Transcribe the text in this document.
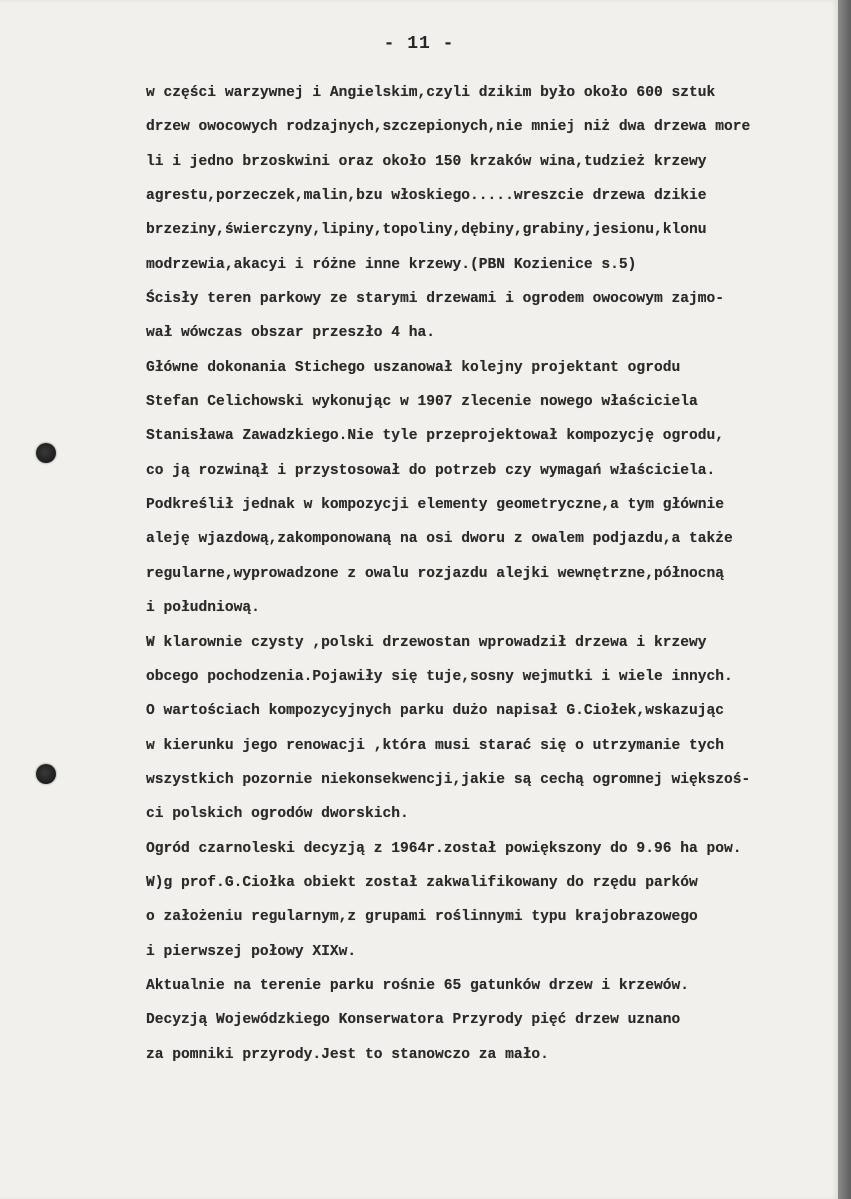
- 11 -
w części warzywnej i Angielskim,czyli dzikim było około 600 sztuk
drzew owocowych rodzajnych,szczepionych,nie mniej niż dwa drzewa more
li i jedno brzoskwini oraz około 150 krzaków wina,tudzież krzewy
agrestu,porzeczek,malin,bzu włoskiego.....wreszcie drzewa dzikie
brzeziny,świerczyny,lipiny,topoliny,dębiny,grabiny,jesionu,klonu
modrzewia,akacyi i różne inne krzewy.(PBN Kozienice s.5)
Ścisły teren parkowy ze starymi drzewami i ogrodem owocowym zajmo-
wał wówczas obszar przeszło 4 ha.
Główne dokonania Stichego uszanował kolejny projektant ogrodu
Stefan Celichowski wykonując w 1907 zlecenie nowego właściciela
Stanisława Zawadzkiego.Nie tyle przeprojektował kompozycję ogrodu,
co ją rozwinął i przystosował do potrzeb czy wymagań właściciela.
Podkreślił jednak w kompozycji elementy geometryczne,a tym głównie
aleję wjazdową,zakomponowaną na osi dworu z owalem podjazdu,a także
regularne,wyprowadzone z owalu rozjazdu alejki wewnętrzne,północną
i południową.
W klarownie czysty ,polski drzewostan wprowadził drzewa i krzewy
obcego pochodzenia.Pojawiły się tuje,sosny wejmutki i wiele innych.
O wartościach kompozycyjnych parku dużo napisał G.Ciołek,wskazując
w kierunku jego renowacji ,która musi starać się o utrzymanie tych
wszystkich pozornie niekonsekwencji,jakie są cechą ogromnej większoś-
ci polskich ogrodów dworskich.
Ogród czarnoleski decyzją z 1964r.został powiększony do 9.96 ha pow.
W)g prof.G.Ciołka obiekt został zakwalifikowany do rzędu parków
o założeniu regularnym,z grupami roślinnymi typu krajobrazowego
i pierwszej połowy XIXw.
Aktualnie na terenie parku rośnie 65 gatunków drzew i krzewów.
Decyzją Wojewódzkiego Konserwatora Przyrody pięć drzew uznano
za pomniki przyrody.Jest to stanowczo za mało.
